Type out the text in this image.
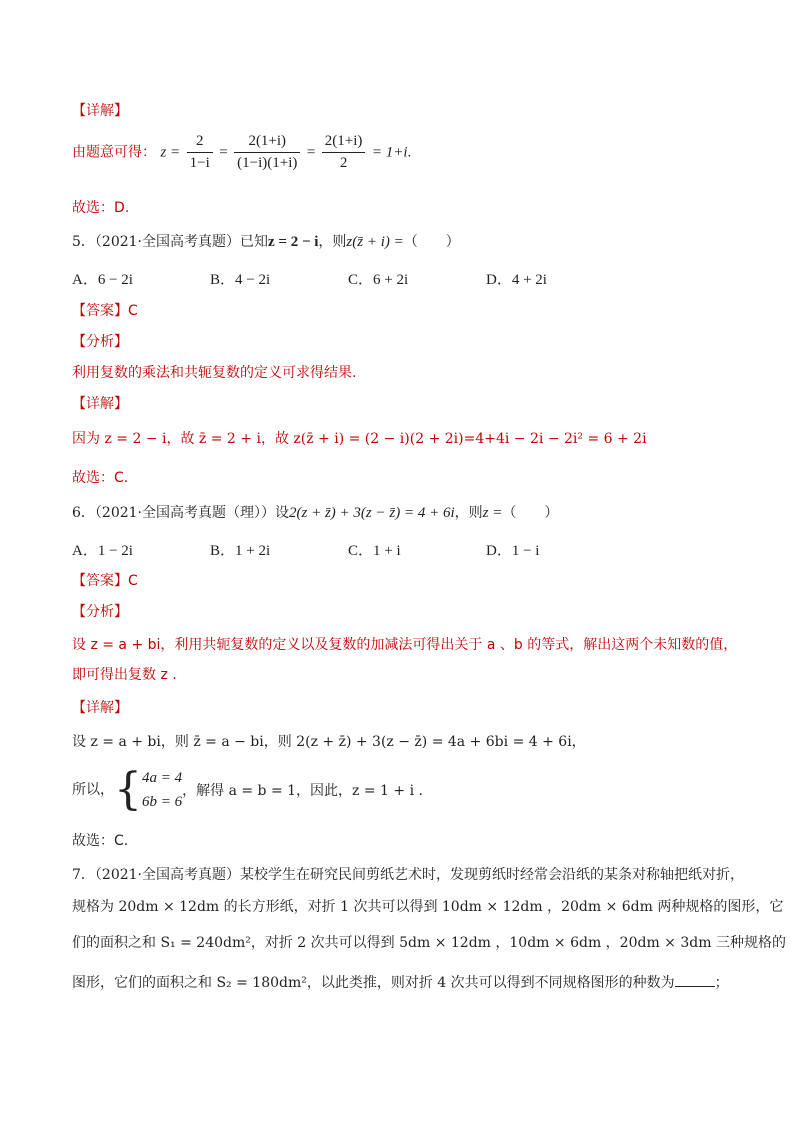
【详解】
由题意可得： $z = \frac{2}{1-i} = \frac{2(1+i)}{(1-i)(1+i)} = \frac{2(1+i)}{2} = 1+i$.
故选：D.
5．（2021·全国高考真题）已知z = 2 − i，则z(z̄ + i) =（　　）
A．6 − 2i	B．4 − 2i	C．6 + 2i	D．4 + 2i
【答案】C
【分析】
利用复数的乘法和共轭复数的定义可求得结果.
【详解】
因为 z = 2 − i，故 z̄ = 2 + i，故 z(z̄ + i) = (2 − i)(2 + 2i)=4+4i − 2i − 2i² = 6 + 2i
故选：C.
6．（2021·全国高考真题（理））设2(z + z̄) + 3(z − z̄) = 4 + 6i，则z =（　　）
A．1 − 2i	B．1 + 2i	C．1 + i	D．1 − i
【答案】C
【分析】
设 z = a + bi，利用共轭复数的定义以及复数的加减法可得出关于 a 、b 的等式，解出这两个未知数的值，
即可得出复数 z .
【详解】
设 z = a + bi，则 z̄ = a − bi，则 2(z + z̄) + 3(z − z̄) = 4a + 6bi = 4 + 6i，
所以，{ 4a = 4
6b = 6
，解得 a = b = 1，因此，z = 1 + i .
故选：C.
7．（2021·全国高考真题）某校学生在研究民间剪纸艺术时，发现剪纸时经常会沿纸的某条对称轴把纸对折，
规格为 20dm × 12dm 的长方形纸，对折 1 次共可以得到 10dm × 12dm ，20dm × 6dm 两种规格的图形，它
们的面积之和 S₁ = 240dm²，对折 2 次共可以得到 5dm × 12dm ，10dm × 6dm ，20dm × 3dm 三种规格的
图形，它们的面积之和 S₂ = 180dm²，以此类推，则对折 4 次共可以得到不同规格图形的种数为	；
